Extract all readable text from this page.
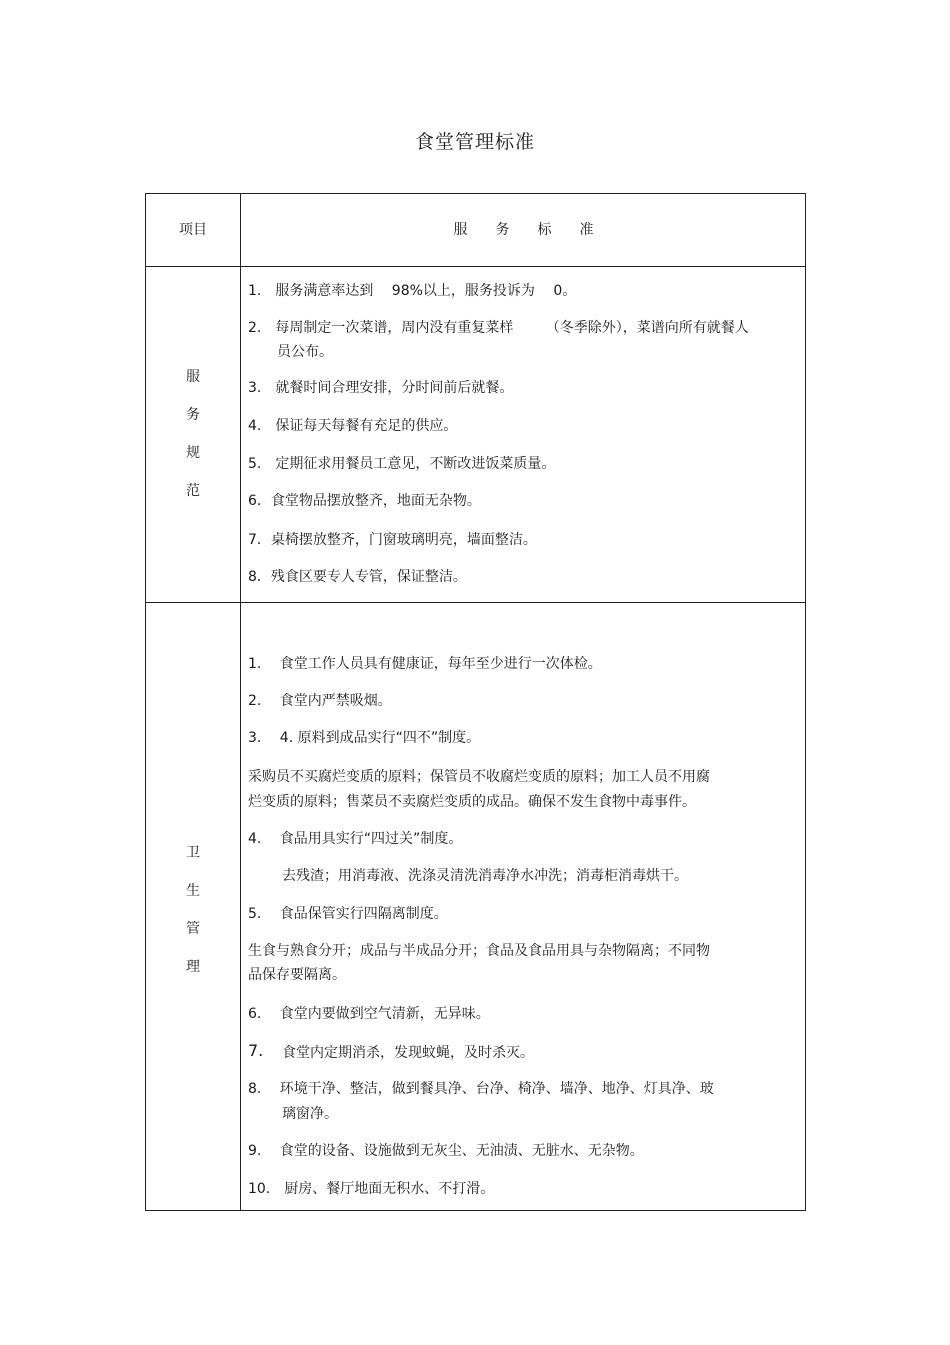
食堂管理标准
项目	服　　务　　标　　准
服
务
规
范
1.　服务满意率达到　 98%以上，服务投诉为　 0。
2.　每周制定一次菜谱，周内没有重复菜样　　 （冬季除外），菜谱向所有就餐人
员公布。
3.　就餐时间合理安排，分时间前后就餐。
4.　保证每天每餐有充足的供应。
5.　定期征求用餐员工意见，不断改进饭菜质量。
6．食堂物品摆放整齐，地面无杂物。
7．桌椅摆放整齐，门窗玻璃明亮，墙面整洁。
8．残食区要专人专管，保证整洁。
卫
生
管
理
1.　 食堂工作人员具有健康证，每年至少进行一次体检。
2.　 食堂内严禁吸烟。
3.　 4. 原料到成品实行“四不”制度。
采购员不买腐烂变质的原料；保管员不收腐烂变质的原料；加工人员不用腐
烂变质的原料；售菜员不卖腐烂变质的成品。确保不发生食物中毒事件。
4.　 食品用具实行“四过关”制度。
去残渣；用消毒液、洗涤灵清洗消毒净水冲洗；消毒柜消毒烘干。
5.　 食品保管实行四隔离制度。
生食与熟食分开；成品与半成品分开；食品及食品用具与杂物隔离；不同物
品保存要隔离。
6.　 食堂内要做到空气清新，无异味。
7. 食堂内定期消杀，发现蚊蝇，及时杀灭。
8.　 环境干净、整洁，做到餐具净、台净、椅净、墙净、地净、灯具净、玻
璃窗净。
9.　 食堂的设备、设施做到无灰尘、无油渍、无脏水、无杂物。
10.　厨房、餐厅地面无积水、不打滑。
